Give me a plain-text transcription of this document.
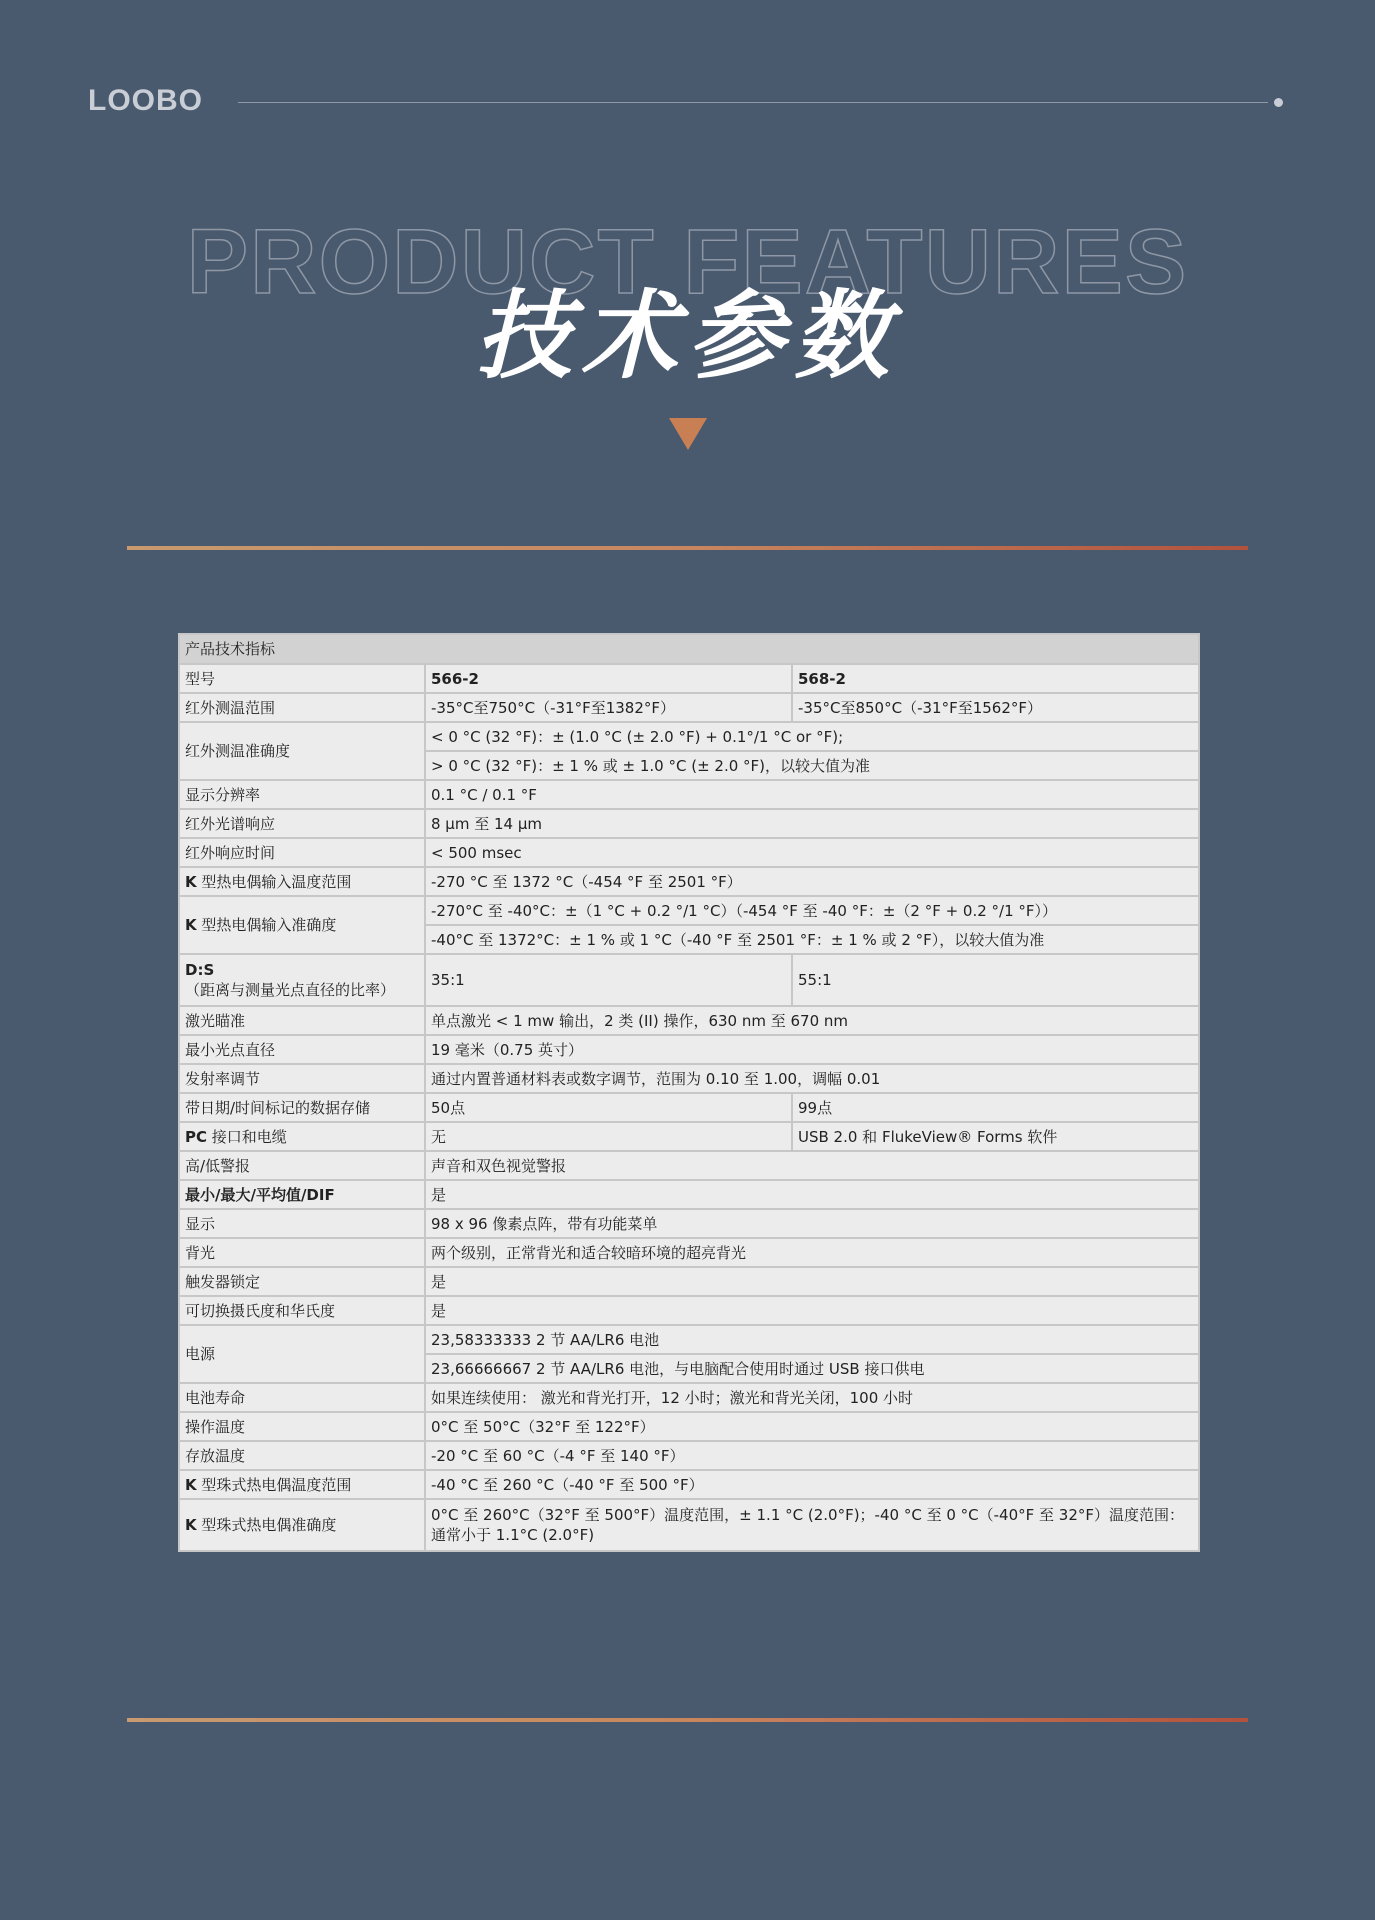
LOOBO
PRODUCT FEATURES
技术参数
产品技术指标		
型号	566-2	568-2
红外测温范围	-35°C至750°C（-31°F至1382°F）	-35°C至850°C（-31°F至1562°F）
红外测温准确度	< 0 °C (32 °F)：± (1.0 °C (± 2.0 °F) + 0.1°/1 °C or °F);	
	> 0 °C (32 °F)：± 1 % 或 ± 1.0 °C (± 2.0 °F)，以较大值为准	
显示分辨率	0.1 °C / 0.1 °F	
红外光谱响应	8 μm 至 14 μm	
红外响应时间	< 500 msec	
K 型热电偶输入温度范围	-270 °C 至 1372 °C（-454 °F 至 2501 °F）	
K 型热电偶输入准确度	-270°C 至 -40°C：±（1 °C + 0.2 °/1 °C）（-454 °F 至 -40 °F：±（2 °F + 0.2 °/1 °F））	
	-40°C 至 1372°C：± 1 % 或 1 °C（-40 °F 至 2501 °F：± 1 % 或 2 °F），以较大值为准	
D:S（距离与测量光点直径的比率）	35:1	55:1
激光瞄准	单点激光 < 1 mw 输出，2 类 (II) 操作，630 nm 至 670 nm	
最小光点直径	19 毫米（0.75 英寸）	
发射率调节	通过内置普通材料表或数字调节，范围为 0.10 至 1.00，调幅 0.01	
带日期/时间标记的数据存储	50点	99点
PC 接口和电缆	无	USB 2.0 和 FlukeView® Forms 软件
高/低警报	声音和双色视觉警报	
最小/最大/平均值/DIF	是	
显示	98 x 96 像素点阵，带有功能菜单	
背光	两个级别，正常背光和适合较暗环境的超亮背光	
触发器锁定	是	
可切换摄氏度和华氏度	是	
电源	23,58333333 2 节 AA/LR6 电池	
	23,66666667 2 节 AA/LR6 电池，与电脑配合使用时通过 USB 接口供电	
电池寿命	如果连续使用： 激光和背光打开，12 小时；激光和背光关闭，100 小时	
操作温度	0°C 至 50°C（32°F 至 122°F）	
存放温度	-20 °C 至 60 °C（-4 °F 至 140 °F）	
K 型珠式热电偶温度范围	-40 °C 至 260 °C（-40 °F 至 500 °F）	
K 型珠式热电偶准确度	0°C 至 260°C（32°F 至 500°F）温度范围，± 1.1 °C (2.0°F)；-40 °C 至 0 °C（-40°F 至 32°F）温度范围：通常小于 1.1°C (2.0°F)	
